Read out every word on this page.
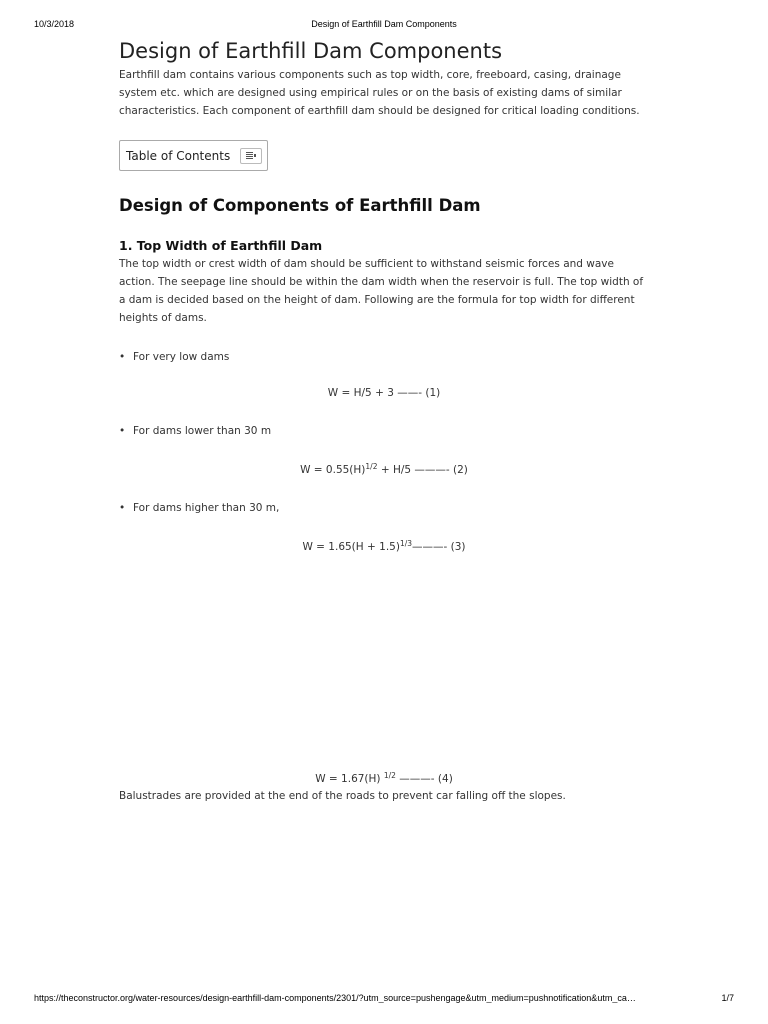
10/3/2018	Design of Earthfill Dam Components
Design of Earthfill Dam Components

Earthfill dam contains various components such as top width, core, freeboard, casing, drainage system etc. which are designed using empirical rules or on the basis of existing dams of similar characteristics. Each component of earthfill dam should be designed for critical loading conditions.

Table of Contents
Design of Components of Earthfill Dam
1. Top Width of Earthfill Dam

The top width or crest width of dam should be sufficient to withstand seismic forces and wave action. The seepage line should be within the dam width when the reservoir is full. The top width of a dam is decided based on the height of dam. Following are the formula for top width for different heights of dams.

• For very low dams
W = H/5 + 3 ——- (1)
• For dams lower than 30 m
$W = 0.55(H)^{1/2} + H/5$ ———- (2)
• For dams higher than 30 m,
$W = 1.65(H + 1.5)^{1/3}———-$ (3)
W = 1.67(H) $^{1/2}$ ———- (4)

Balustrades are provided at the end of the roads to prevent car falling off the slopes.

https://theconstructor.org/water-resources/design-earthfill-dam-components/2301/?utm_source=pushengage&utm_medium=pushnotification&utm_ca…	1/7
